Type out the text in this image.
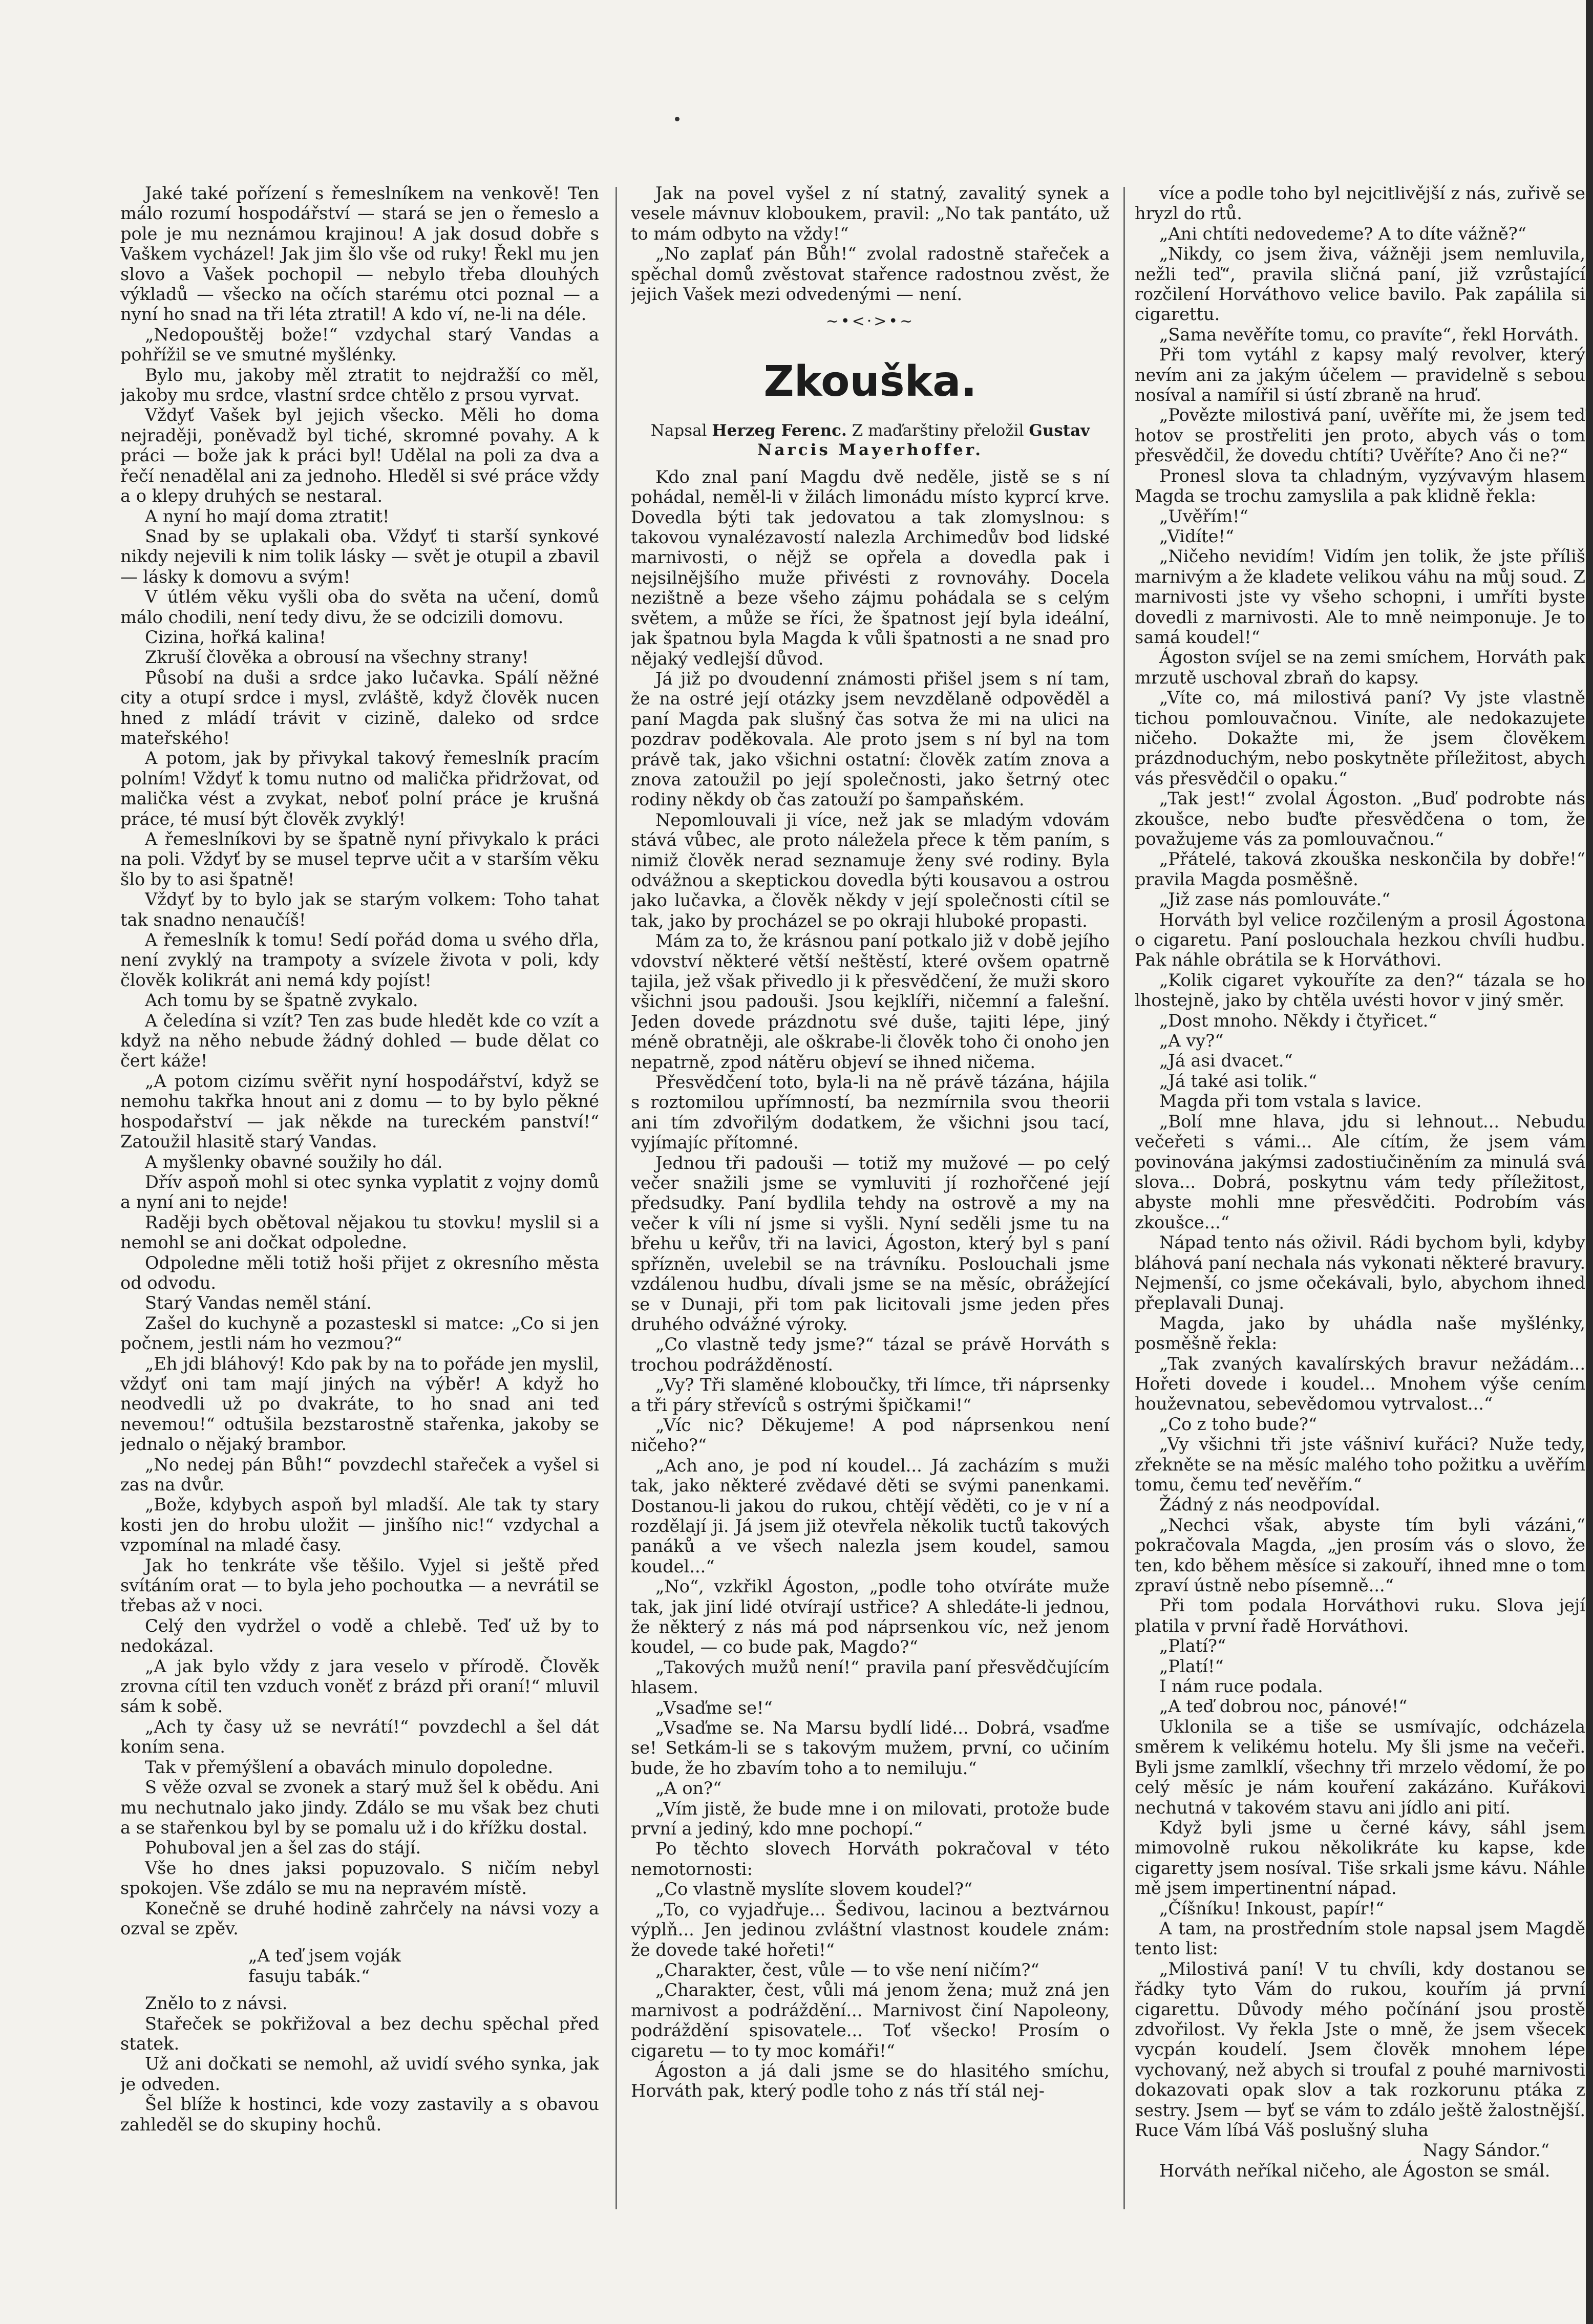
Jaké také pořízení s řemeslníkem na venkově! Ten málo rozumí hospodářství — stará se jen o řemeslo a pole je mu neznámou krajinou! A jak dosud dobře s Vaškem vycházel! Jak jim šlo vše od ruky! Řekl mu jen slovo a Vašek pochopil — nebylo třeba dlouhých výkladů — všecko na očích starému otci poznal — a nyní ho snad na tři léta ztratil! A kdo ví, ne-li na déle.

„Nedopouštěj bože!“ vzdychal starý Vandas a pohřížil se ve smutné myšlénky.

Bylo mu, jakoby měl ztratit to nejdražší co měl, jakoby mu srdce, vlastní srdce chtělo z prsou vyrvat.

Vždyť Vašek byl jejich všecko. Měli ho doma nejraději, poněvadž byl tiché, skromné povahy. A k práci — bože jak k práci byl! Udělal na poli za dva a řečí nenadělal ani za jednoho. Hleděl si své práce vždy a o klepy druhých se nestaral.

A nyní ho mají doma ztratit!

Snad by se uplakali oba. Vždyť ti starší synkové nikdy nejevili k nim tolik lásky — svět je otupil a zbavil — lásky k domovu a svým!

V útlém věku vyšli oba do světa na učení, domů málo chodili, není tedy divu, že se odcizili domovu.

Cizina, hořká kalina!

Zkruší člověka a obrousí na všechny strany!

Působí na duši a srdce jako lučavka. Spálí něžné city a otupí srdce i mysl, zvláště, když člověk nucen hned z mládí trávit v cizině, daleko od srdce mateřského!

A potom, jak by přivykal takový řemeslník pracím polním! Vždyť k tomu nutno od malička přidržovat, od malička vést a zvykat, neboť polní práce je krušná práce, té musí být člověk zvyklý!

A řemeslníkovi by se špatně nyní přivykalo k práci na poli. Vždyť by se musel teprve učit a v starším věku šlo by to asi špatně!

Vždyť by to bylo jak se starým volkem: Toho tahat tak snadno nenaučíš!

A řemeslník k tomu! Sedí pořád doma u svého dřla, není zvyklý na trampoty a svízele života v poli, kdy člověk kolikrát ani nemá kdy pojíst!

Ach tomu by se špatně zvykalo.

A čeledína si vzít? Ten zas bude hledět kde co vzít a když na něho nebude žádný dohled — bude dělat co čert káže!

„A potom cizímu svěřit nyní hospodářství, když se nemohu takřka hnout ani z domu — to by bylo pěkné hospodařství — jak někde na tureckém panství!“ Zatoužil hlasitě starý Vandas.

A myšlenky obavné soužily ho dál.

Dřív aspoň mohl si otec synka vyplatit z vojny domů a nyní ani to nejde!

Raději bych obětoval nějakou tu stovku! myslil si a nemohl se ani dočkat odpoledne.

Odpoledne měli totiž hoši přijet z okresního města od odvodu.

Starý Vandas neměl stání.

Zašel do kuchyně a pozasteskl si matce: „Co si jen počnem, jestli nám ho vezmou?“

„Eh jdi bláhový! Kdo pak by na to pořáde jen myslil, vždyť oni tam mají jiných na výběr! A když ho neodvedli už po dvakráte, to ho snad ani teď nevemou!“ odtušila bezstarostně stařenka, jakoby se jednalo o nějaký brambor.

„No nedej pán Bůh!“ povzdechl stařeček a vyšel si zas na dvůr.

„Bože, kdybych aspoň byl mladší. Ale tak ty stary kosti jen do hrobu uložit — jinšího nic!“ vzdychal a vzpomínal na mladé časy.

Jak ho tenkráte vše těšilo. Vyjel si ještě před svítáním orat — to byla jeho pochoutka — a nevrátil se třebas až v noci.

Celý den vydržel o vodě a chlebě. Teď už by to nedokázal.

„A jak bylo vždy z jara veselo v přírodě. Člověk zrovna cítil ten vzduch voněť z brázd při oraní!“ mluvil sám k sobě.

„Ach ty časy už se nevrátí!“ povzdechl a šel dát koním sena.

Tak v přemýšlení a obavách minulo dopoledne.

S věže ozval se zvonek a starý muž šel k obědu. Ani mu nechutnalo jako jindy. Zdálo se mu však bez chuti a se stařenkou byl by se pomalu už i do křížku dostal.

Pohuboval jen a šel zas do stájí.

Vše ho dnes jaksi popuzovalo. S ničím nebyl spokojen. Vše zdálo se mu na nepravém místě.

Konečně se druhé hodině zahrčely na návsi vozy a ozval se zpěv.

„A teď jsem voják
fasuju tabák.“

Znělo to z návsi.

Stařeček se pokřižoval a bez dechu spěchal před statek.

Už ani dočkati se nemohl, až uvidí svého synka, jak je odveden.

Šel blíže k hostinci, kde vozy zastavily a s obavou zahleděl se do skupiny hochů.

Jak na povel vyšel z ní statný, zavalitý synek a vesele mávnuv kloboukem, pravil: „No tak pantáto, už to mám odbyto na vždy!“

„No zaplať pán Bůh!“ zvolal radostně stařeček a spěchal domů zvěstovat stařence radostnou zvěst, že jejich Vašek mezi odvedenými — není.

~•<·>•~
Zkouška.
Napsal Herzeg Ferenc. Z maďarštiny přeložil Gustav
Narcis Mayerhoffer.

Kdo znal paní Magdu dvě neděle, jistě se s ní pohádal, neměl-li v žilách limonádu místo kyprcí krve. Dovedla býti tak jedovatou a tak zlomyslnou: s takovou vynalézavostí nalezla Archimedův bod lidské marnivosti, o nějž se opřela a dovedla pak i nejsilnějšího muže přivésti z rovnováhy. Docela nezištně a beze všeho zájmu pohádala se s celým světem, a může se říci, že špatnost její byla ideální, jak špatnou byla Magda k vůli špatnosti a ne snad pro nějaký vedlejší důvod.

Já již po dvoudenní známosti přišel jsem s ní tam, že na ostré její otázky jsem nevzdělaně odpověděl a paní Magda pak slušný čas sotva že mi na ulici na pozdrav poděkovala. Ale proto jsem s ní byl na tom právě tak, jako všichni ostatní: člověk zatím znova a znova zatoužil po její společnosti, jako šetrný otec rodiny někdy ob čas zatouží po šampaňském.

Nepomlouvali ji více, než jak se mladým vdovám stává vůbec, ale proto náležela přece k těm paním, s nimiž člověk nerad seznamuje ženy své rodiny. Byla odvážnou a skeptickou dovedla býti kousavou a ostrou jako lučavka, a člověk někdy v její společnosti cítil se tak, jako by procházel se po okraji hluboké propasti.

Mám za to, že krásnou paní potkalo již v době jejího vdovství některé větší neštěstí, které ovšem opatrně tajila, jež však přivedlo ji k přesvědčení, že muži skoro všichni jsou padouši. Jsou kejklíři, ničemní a falešní. Jeden dovede prázdnotu své duše, tajiti lépe, jiný méně obratněji, ale oškrabe-li člověk toho či onoho jen nepatrně, zpod nátěru objeví se ihned ničema.

Přesvědčení toto, byla-li na ně právě tázána, hájila s roztomilou upřímností, ba nezmírnila svou theorii ani tím zdvořilým dodatkem, že všichni jsou tací, vyjímajíc přítomné.

Jednou tři padouši — totiž my mužové — po celý večer snažili jsme se vymluviti jí rozhořčené její předsudky. Paní bydlila tehdy na ostrově a my na večer k víli ní jsme si vyšli. Nyní seděli jsme tu na břehu u keřův, tři na lavici, Ágoston, který byl s paní spřízněn, uvelebil se na trávníku. Poslouchali jsme vzdálenou hudbu, dívali jsme se na měsíc, obrážející se v Dunaji, při tom pak licitovali jsme jeden přes druhého odvážné výroky.

„Co vlastně tedy jsme?“ tázal se právě Horváth s trochou podrážděností.

„Vy? Tři slaměné kloboučky, tři límce, tři náprsenky a tři páry střevíců s ostrými špičkami!“

„Víc nic? Děkujeme! A pod náprsenkou není ničeho?“

„Ach ano, je pod ní koudel... Já zacházím s muži tak, jako některé zvědavé děti se svými panenkami. Dostanou-li jakou do rukou, chtějí věděti, co je v ní a rozdělají ji. Já jsem již otevřela několik tuctů takových panáků a ve všech nalezla jsem koudel, samou koudel...“

„No“, vzkřikl Ágoston, „podle toho otvíráte muže tak, jak jiní lidé otvírají ustřice? A shledáte-li jednou, že některý z nás má pod náprsenkou víc, než jenom koudel, — co bude pak, Magdo?“

„Takových mužů není!“ pravila paní přesvědčujícím hlasem.

„Vsaďme se!“

„Vsaďme se. Na Marsu bydlí lidé... Dobrá, vsaďme se! Setkám-li se s takovým mužem, první, co učiním bude, že ho zbavím toho a to nemiluju.“

„A on?“

„Vím jistě, že bude mne i on milovati, protože bude první a jediný, kdo mne pochopí.“

Po těchto slovech Horváth pokračoval v této nemotornosti:

„Co vlastně myslíte slovem koudel?“

„To, co vyjadřuje... Šedivou, lacinou a beztvárnou výplň... Jen jedinou zvláštní vlastnost koudele znám: že dovede také hořeti!“

„Charakter, čest, vůle — to vše není ničím?“

„Charakter, čest, vůli má jenom žena; muž zná jen marnivost a podráždění... Marnivost činí Napoleony, podráždění spisovatele... Toť všecko! Prosím o cigaretu — to ty moc komáři!“

Ágoston a já dali jsme se do hlasitého smíchu, Horváth pak, který podle toho z nás tří stál nej-

více a podle toho byl nejcitlivější z nás, zuřivě se hryzl do rtů.

„Ani chtíti nedovedeme? A to díte vážně?“

„Nikdy, co jsem živa, vážněji jsem nemluvila, nežli teď“, pravila sličná paní, již vzrůstající rozčilení Horváthovo velice bavilo. Pak zapálila si cigarettu.

„Sama nevěříte tomu, co pravíte“, řekl Horváth.

Při tom vytáhl z kapsy malý revolver, který nevím ani za jakým účelem — pravidelně s sebou nosíval a namířil si ústí zbraně na hruď.

„Povězte milostivá paní, uvěříte mi, že jsem teď hotov se prostřeliti jen proto, abych vás o tom přesvědčil, že dovedu chtíti? Uvěříte? Ano či ne?“

Pronesl slova ta chladným, vyzývavým hlasem Magda se trochu zamyslila a pak klidně řekla:

„Uvěřím!“

„Vidíte!“

„Ničeho nevidím! Vidím jen tolik, že jste příliš marnivým a že kladete velikou váhu na můj soud. Z marnivosti jste vy všeho schopni, i umříti byste dovedli z marnivosti. Ale to mně neimponuje. Je to samá koudel!“

Ágoston svíjel se na zemi smíchem, Horváth pak mrzutě uschoval zbraň do kapsy.

„Víte co, má milostivá paní? Vy jste vlastně tichou pomlouvačnou. Viníte, ale nedokazujete ničeho. Dokažte mi, že jsem člověkem prázdnoduchým, nebo poskytněte příležitost, abych vás přesvědčil o opaku.“

„Tak jest!“ zvolal Ágoston. „Buď podrobte nás zkoušce, nebo buďte přesvědčena o tom, že považujeme vás za pomlouvačnou.“

„Přátelé, taková zkouška neskončila by dobře!“ pravila Magda posměšně.

„Již zase nás pomlouváte.“

Horváth byl velice rozčileným a prosil Ágostona o cigaretu. Paní poslouchala hezkou chvíli hudbu. Pak náhle obrátila se k Horváthovi.

„Kolik cigaret vykouříte za den?“ tázala se ho lhostejně, jako by chtěla uvésti hovor v jiný směr.

„Dost mnoho. Někdy i čtyřicet.“

„A vy?“

„Já asi dvacet.“

„Já také asi tolik.“

Magda při tom vstala s lavice.

„Bolí mne hlava, jdu si lehnout... Nebudu večeřeti s vámi... Ale cítím, že jsem vám povinována jakýmsi zadostiučiněním za minulá svá slova... Dobrá, poskytnu vám tedy příležitost, abyste mohli mne přesvědčiti. Podrobím vás zkoušce...“

Nápad tento nás oživil. Rádi bychom byli, kdyby bláhová paní nechala nás vykonati některé bravury. Nejmenší, co jsme očekávali, bylo, abychom ihned přeplavali Dunaj.

Magda, jako by uhádla naše myšlénky, posměšně řekla:

„Tak zvaných kavalírských bravur nežádám... Hořeti dovede i koudel... Mnohem výše cením houževnatou, sebevědomou vytrvalost...“

„Co z toho bude?“

„Vy všichni tři jste vášniví kuřáci? Nuže tedy, zřekněte se na měsíc malého toho požitku a uvěřím tomu, čemu teď nevěřím.“

Žádný z nás neodpovídal.

„Nechci však, abyste tím byli vázáni,“ pokračovala Magda, „jen prosím vás o slovo, že ten, kdo během měsíce si zakouří, ihned mne o tom zpraví ústně nebo písemně...“

Při tom podala Horváthovi ruku. Slova její platila v první řadě Horváthovi.

„Platí?“

„Platí!“

I nám ruce podala.

„A teď dobrou noc, pánové!“

Uklonila se a tiše se usmívajíc, odcházela směrem k velikému hotelu. My šli jsme na večeři. Byli jsme zamlklí, všechny tři mrzelo vědomí, že po celý měsíc je nám kouření zakázáno. Kuřákovi nechutná v takovém stavu ani jídlo ani pití.

Když byli jsme u černé kávy, sáhl jsem mimovolně rukou několikráte ku kapse, kde cigaretty jsem nosíval. Tiše srkali jsme kávu. Náhle mě jsem impertinentní nápad.

„Číšníku! Inkoust, papír!“

A tam, na prostředním stole napsal jsem Magdě tento list:

„Milostivá paní! V tu chvíli, kdy dostanou se řádky tyto Vám do rukou, kouřím já první cigarettu. Důvody mého počínání jsou prostě zdvořilost. Vy řekla Jste o mně, že jsem všecek vycpán koudelí. Jsem člověk mnohem lépe vychovaný, než abych si troufal z pouhé marnivosti dokazovati opak slov a tak rozkorunu ptáka z sestry. Jsem — byť se vám to zdálo ještě žalostnější. Ruce Vám líbá Váš poslušný sluha

Nagy Sándor.“

Horváth neříkal ničeho, ale Ágoston se smál.
